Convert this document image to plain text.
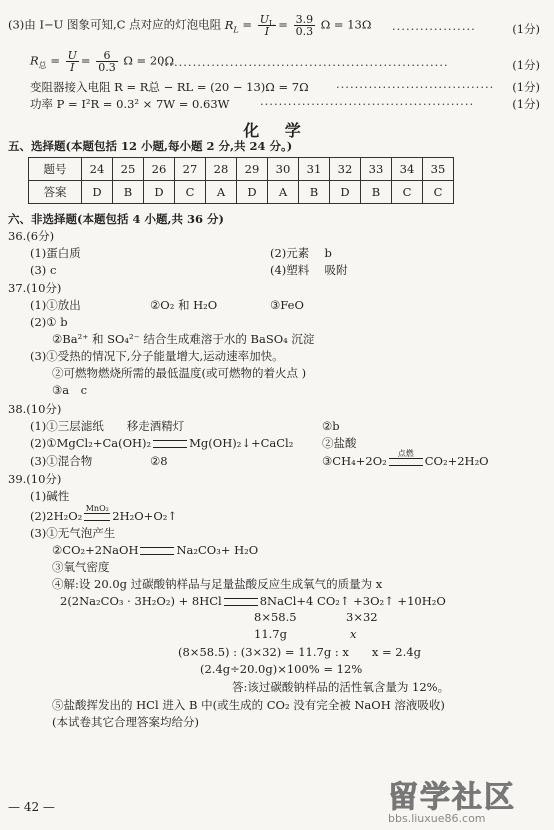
(3)由 I−U 图象可知,C 点对应的灯泡电阻 $R_L = \frac{U_L}{I} = \frac{3.9}{0.3}$ Ω = 13Ω ··················	(1分)
$R_总 = \frac{U}{I} = \frac{6}{0.3}$ Ω = 20Ω
······························································	(1分)
变阻器接入电阻 R = R总 − RL = (20 − 13)Ω = 7Ω ·································· (1分)
功率 P = I²R = 0.3² × 7W = 0.63W	··············································	(1分)
化 学
五、选择题(本题包括 12 小题,每小题 2 分,共 24 分。)
题号	24	25	26	27	28	29	30	31	32	33	34	35
答案	D	B	D	C	A	D	A	B	D	B	C	C
六、非选择题(本题包括 4 小题,共 36 分)
36.(6分)
(1)蛋白质	(2)元素　 b
(3) c	(4)塑料　 吸附
37.(10分)
(1)①放出	②O₂ 和 H₂O	③FeO
(2)① b
②Ba²⁺ 和 SO₄²⁻ 结合生成难溶于水的 BaSO₄ 沉淀
(3)①受热的情况下,分子能量增大,运动速率加快。
②可燃物燃烧所需的最低温度(或可燃物的着火点 )
③a　c
38.(10分)
(1)①三层滤纸　　移走酒精灯	②b
(2)①MgCl₂+Ca(OH)₂	Mg(OH)₂↓+CaCl₂ ②盐酸
(3)①混合物	②8	③CH₄+2O₂
点燃
CO₂+2H₂O
39.(10分)
(1)碱性
(2)2H₂O₂
MnO₂
2H₂O+O₂↑
(3)①无气泡产生
②CO₂+2NaOH	Na₂CO₃+ H₂O
③氧气密度
④解:设 20.0g 过碳酸钠样品与足量盐酸反应生成氧气的质量为 x
2(2Na₂CO₃ · 3H₂O₂) + 8HCl	8NaCl+4 CO₂↑ +3O₂↑ +10H₂O
8×58.5	3×32
11.7g	x
(8×58.5) : (3×32) = 11.7g : x　　x = 2.4g
(2.4g÷20.0g)×100% = 12%
答:该过碳酸钠样品的活性氧含量为 12%。
⑤盐酸挥发出的 HCl 进入 B 中(或生成的 CO₂ 没有完全被 NaOH 溶液吸收)
(本试卷其它合理答案均给分)
— 42 —	留学社区
bbs.liuxue86.com
